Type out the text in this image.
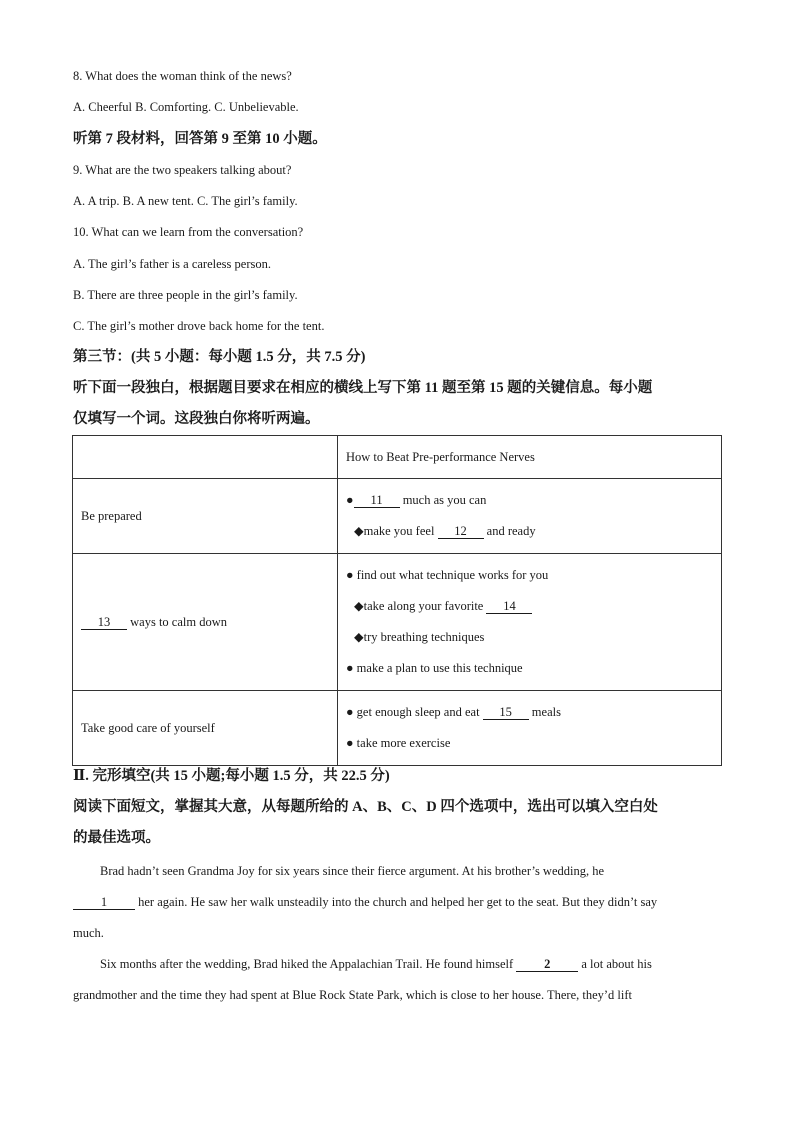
8. What does the woman think of the news?
A. Cheerful B. Comforting. C. Unbelievable.
听第 7 段材料，回答第 9 至第 10 小题。
9. What are the two speakers talking about?
A. A trip. B. A new tent. C. The girl’s family.
10. What can we learn from the conversation?
A. The girl’s father is a careless person.
B. There are three people in the girl’s family.
C. The girl’s mother drove back home for the tent.
第三节：(共 5 小题：每小题 1.5 分，共 7.5 分)
听下面一段独白，根据题目要求在相应的横线上写下第 11 题至第 15 题的关键信息。每小题
仅填写一个词。这段独白你将听两遍。
	How to Beat Pre-performance Nerves
Be prepared	● 11 much as you can
◆make you feel 12 and ready

13 ways to calm down	● find out what technique works for you
◆take along your favorite 14
◆try breathing techniques
● make a plan to use this technique

Take good care of yourself	● get enough sleep and eat 15 meals
● take more exercise
Ⅱ. 完形填空(共 15 小题;每小题 1.5 分，共 22.5 分)
阅读下面短文，掌握其大意，从每题所给的 A、B、C、D 四个选项中，选出可以填入空白处
的最佳选项。
Brad hadn’t seen Grandma Joy for six years since their fierce argument. At his brother’s wedding, he
1 her again. He saw her walk unsteadily into the church and helped her get to the seat. But they didn’t say
much.
Six months after the wedding, Brad hiked the Appalachian Trail. He found himself 2 a lot about his
grandmother and the time they had spent at Blue Rock State Park, which is close to her house. There, they’d lift
